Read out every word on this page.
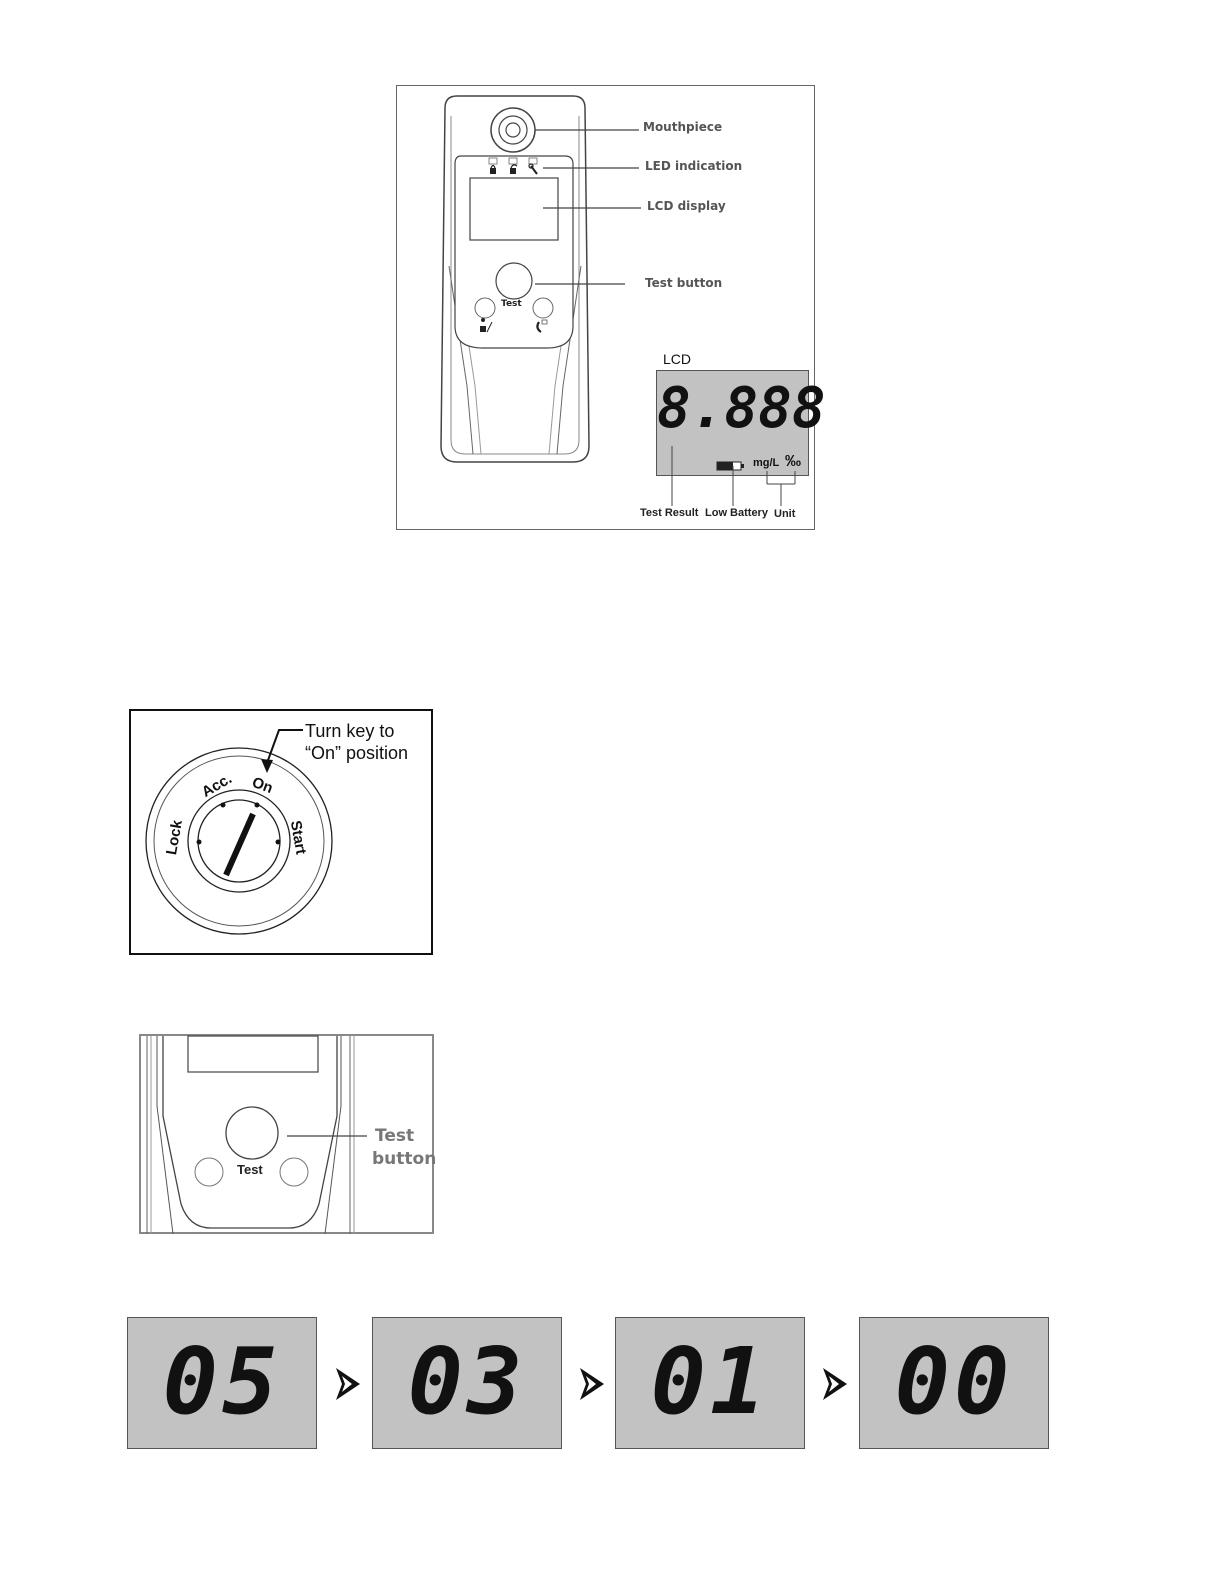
Test
Mouthpiece
LED indication
LCD display
Test button
LCD
8.888
mg/L ‰
Test Result Low Battery Unit
Turn key to
“On” position
Lock
Acc. On
Start
Test
Test
button
05	03	01	00
